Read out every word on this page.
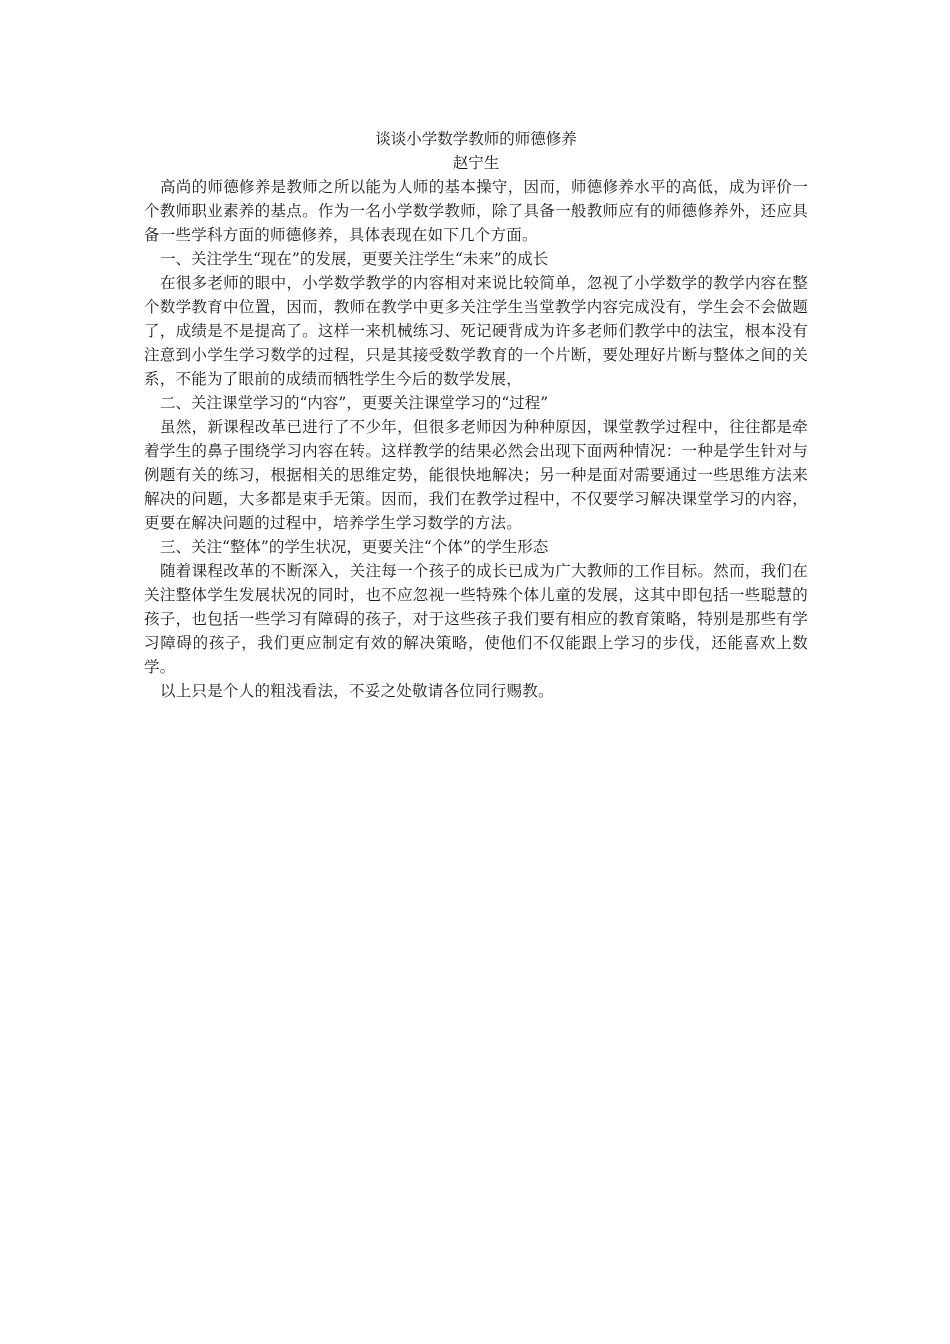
谈谈小学数学教师的师德修养

赵宁生

高尚的师德修养是教师之所以能为人师的基本操守，因而，师德修养水平的高低，成为评价一个教师职业素养的基点。作为一名小学数学教师，除了具备一般教师应有的师德修养外，还应具备一些学科方面的师德修养，具体表现在如下几个方面。

一、关注学生“现在”的发展，更要关注学生“未来”的成长

在很多老师的眼中，小学数学教学的内容相对来说比较简单，忽视了小学数学的教学内容在整个数学教育中位置，因而，教师在教学中更多关注学生当堂教学内容完成没有，学生会不会做题了，成绩是不是提高了。这样一来机械练习、死记硬背成为许多老师们教学中的法宝，根本没有注意到小学生学习数学的过程，只是其接受数学教育的一个片断，要处理好片断与整体之间的关系，不能为了眼前的成绩而牺牲学生今后的数学发展，

二、关注课堂学习的“内容”，更要关注课堂学习的“过程”

虽然，新课程改革已进行了不少年，但很多老师因为种种原因，课堂教学过程中，往往都是牵着学生的鼻子围绕学习内容在转。这样教学的结果必然会出现下面两种情况：一种是学生针对与例题有关的练习，根据相关的思维定势，能很快地解决；另一种是面对需要通过一些思维方法来解决的问题，大多都是束手无策。因而，我们在教学过程中，不仅要学习解决课堂学习的内容，更要在解决问题的过程中，培养学生学习数学的方法。

三、关注“整体”的学生状况，更要关注“个体”的学生形态

随着课程改革的不断深入，关注每一个孩子的成长已成为广大教师的工作目标。然而，我们在关注整体学生发展状况的同时，也不应忽视一些特殊个体儿童的发展，这其中即包括一些聪慧的孩子，也包括一些学习有障碍的孩子，对于这些孩子我们要有相应的教育策略，特别是那些有学习障碍的孩子，我们更应制定有效的解决策略，使他们不仅能跟上学习的步伐，还能喜欢上数学。

以上只是个人的粗浅看法，不妥之处敬请各位同行赐教。
